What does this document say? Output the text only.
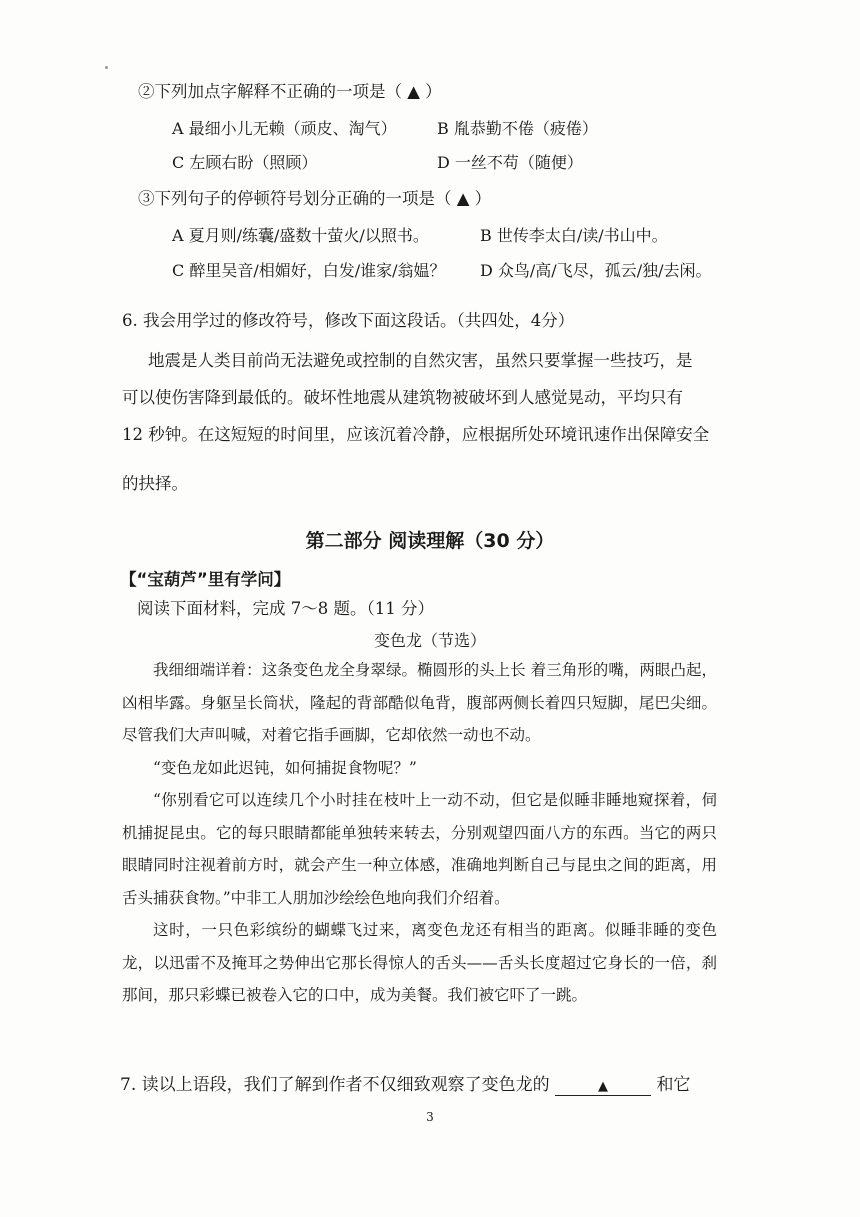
②下列加点字解释不正确的一项是（ ▲ ）
A 最细小儿无赖（顽皮、淘气）	B 胤恭勤不倦（疲倦）
C 左顾右盼（照顾）	D 一丝不苟（随便）
③下列句子的停顿符号划分正确的一项是（ ▲ ）
A 夏月则/练囊/盛数十萤火/以照书。	B 世传李太白/读/书山中。
C 醉里吴音/相媚好，白发/谁家/翁媪？ D 众鸟/高/飞尽，孤云/独/去闲。
6. 我会用学过的修改符号，修改下面这段话。（共四处，4分）
地震是人类目前尚无法避免或控制的自然灾害，虽然只要掌握一些技巧，是
可以使伤害降到最低的。破坏性地震从建筑物被破坏到人感觉晃动，平均只有
12 秒钟。在这短短的时间里，应该沉着冷静，应根据所处环境讯速作出保障安全
的抉择。
第二部分 阅读理解（30 分）
【“宝葫芦”里有学问】
阅读下面材料，完成 7～8 题。（11 分）
变色龙（节选）

我细细端详着：这条变色龙全身翠绿。椭圆形的头上长 着三角形的嘴，两眼凸起，凶相毕露。身躯呈长筒状，隆起的背部酷似龟背，腹部两侧长着四只短脚，尾巴尖细。尽管我们大声叫喊，对着它指手画脚，它却依然一动也不动。

“变色龙如此迟钝，如何捕捉食物呢？”

“你别看它可以连续几个小时挂在枝叶上一动不动，但它是似睡非睡地窥探着，伺机捕捉昆虫。它的每只眼睛都能单独转来转去，分别观望四面八方的东西。当它的两只眼睛同时注视着前方时，就会产生一种立体感，准确地判断自己与昆虫之间的距离，用舌头捕获食物。”中非工人朋加沙绘绘色地向我们介绍着。

这时，一只色彩缤纷的蝴蝶飞过来，离变色龙还有相当的距离。似睡非睡的变色龙，以迅雷不及掩耳之势伸出它那长得惊人的舌头——舌头长度超过它身长的一倍，刹那间，那只彩蝶已被卷入它的口中，成为美餐。我们被它吓了一跳。

7. 读以上语段，我们了解到作者不仅细致观察了变色龙的	▲	和它
3
